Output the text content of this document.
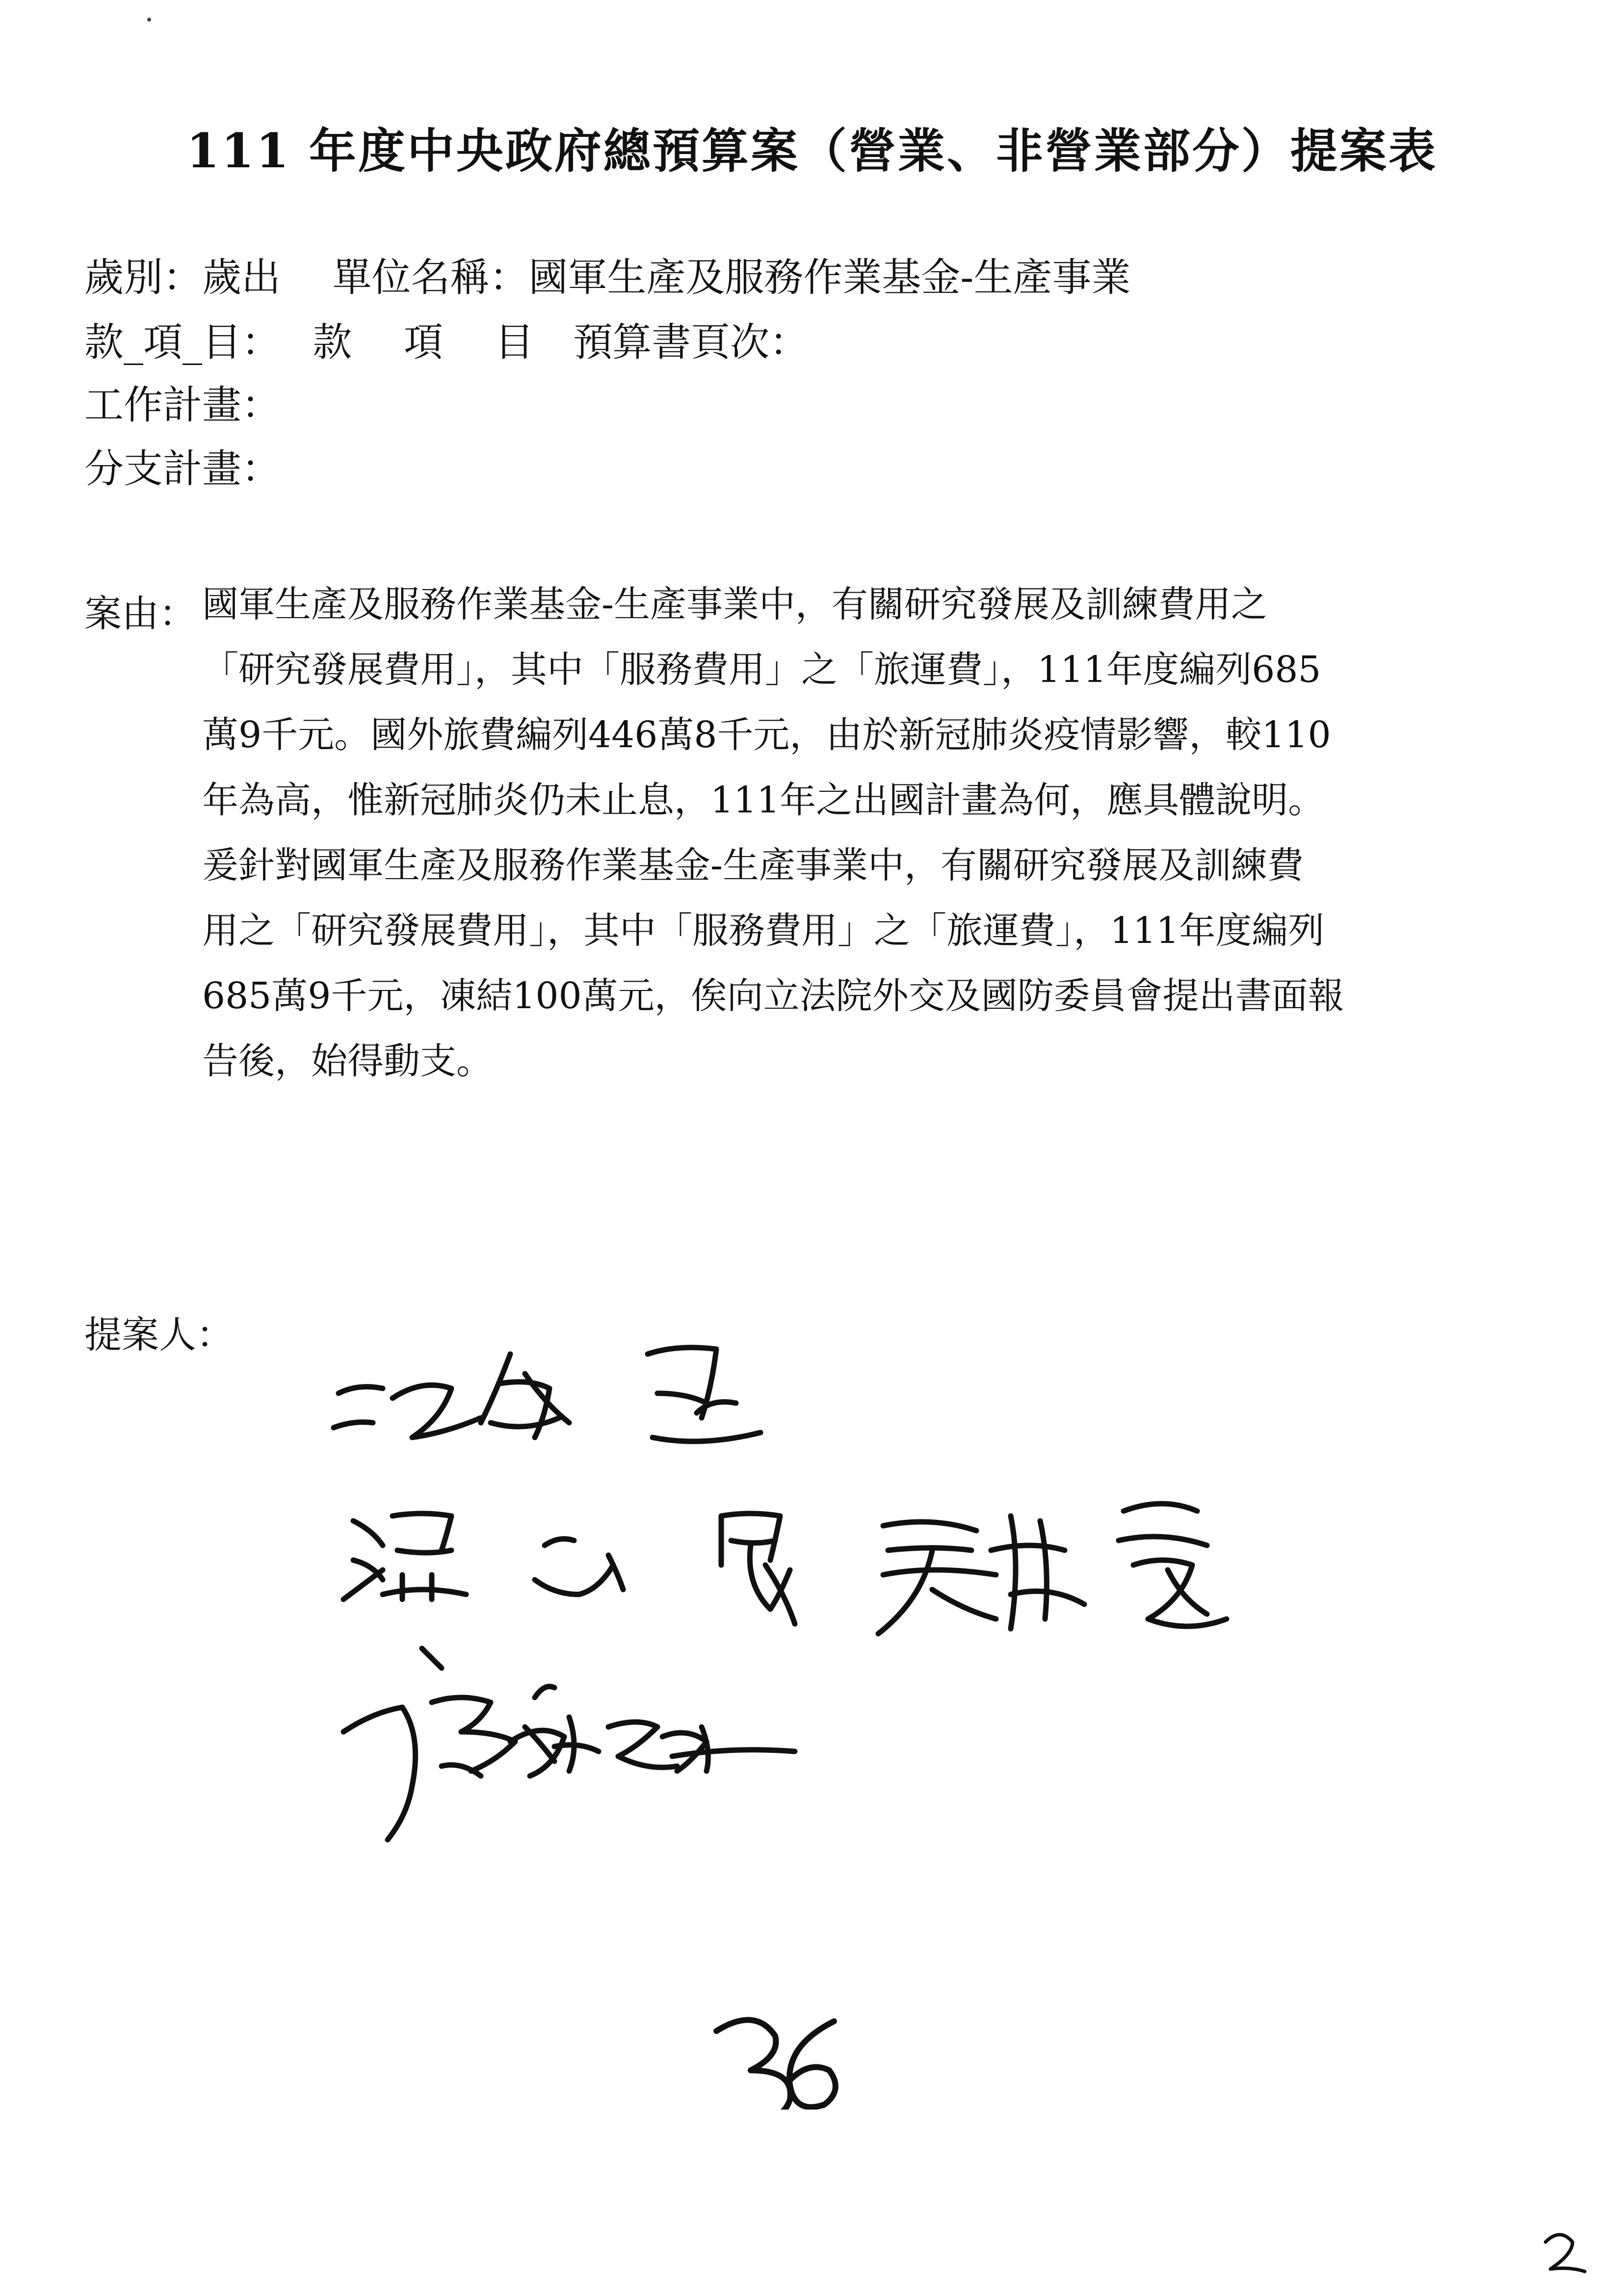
111 年度中央政府總預算案（營業、非營業部分）提案表
歲別：歲出　 單位名稱：國軍生產及服務作業基金-生產事業
款_項_目：　 款　 項　 目　預算書頁次：
工作計畫：
分支計畫：
案由： 國軍生產及服務作業基金-生產事業中，有關研究發展及訓練費用之
「研究發展費用」，其中「服務費用」之「旅運費」，111年度編列685
萬9千元。國外旅費編列446萬8千元，由於新冠肺炎疫情影響，較110
年為高，惟新冠肺炎仍未止息，111年之出國計畫為何，應具體說明。
爰針對國軍生產及服務作業基金-生產事業中，有關研究發展及訓練費
用之「研究發展費用」，其中「服務費用」之「旅運費」，111年度編列
685萬9千元，凍結100萬元，俟向立法院外交及國防委員會提出書面報
告後，始得動支。
提案人：
36
2
